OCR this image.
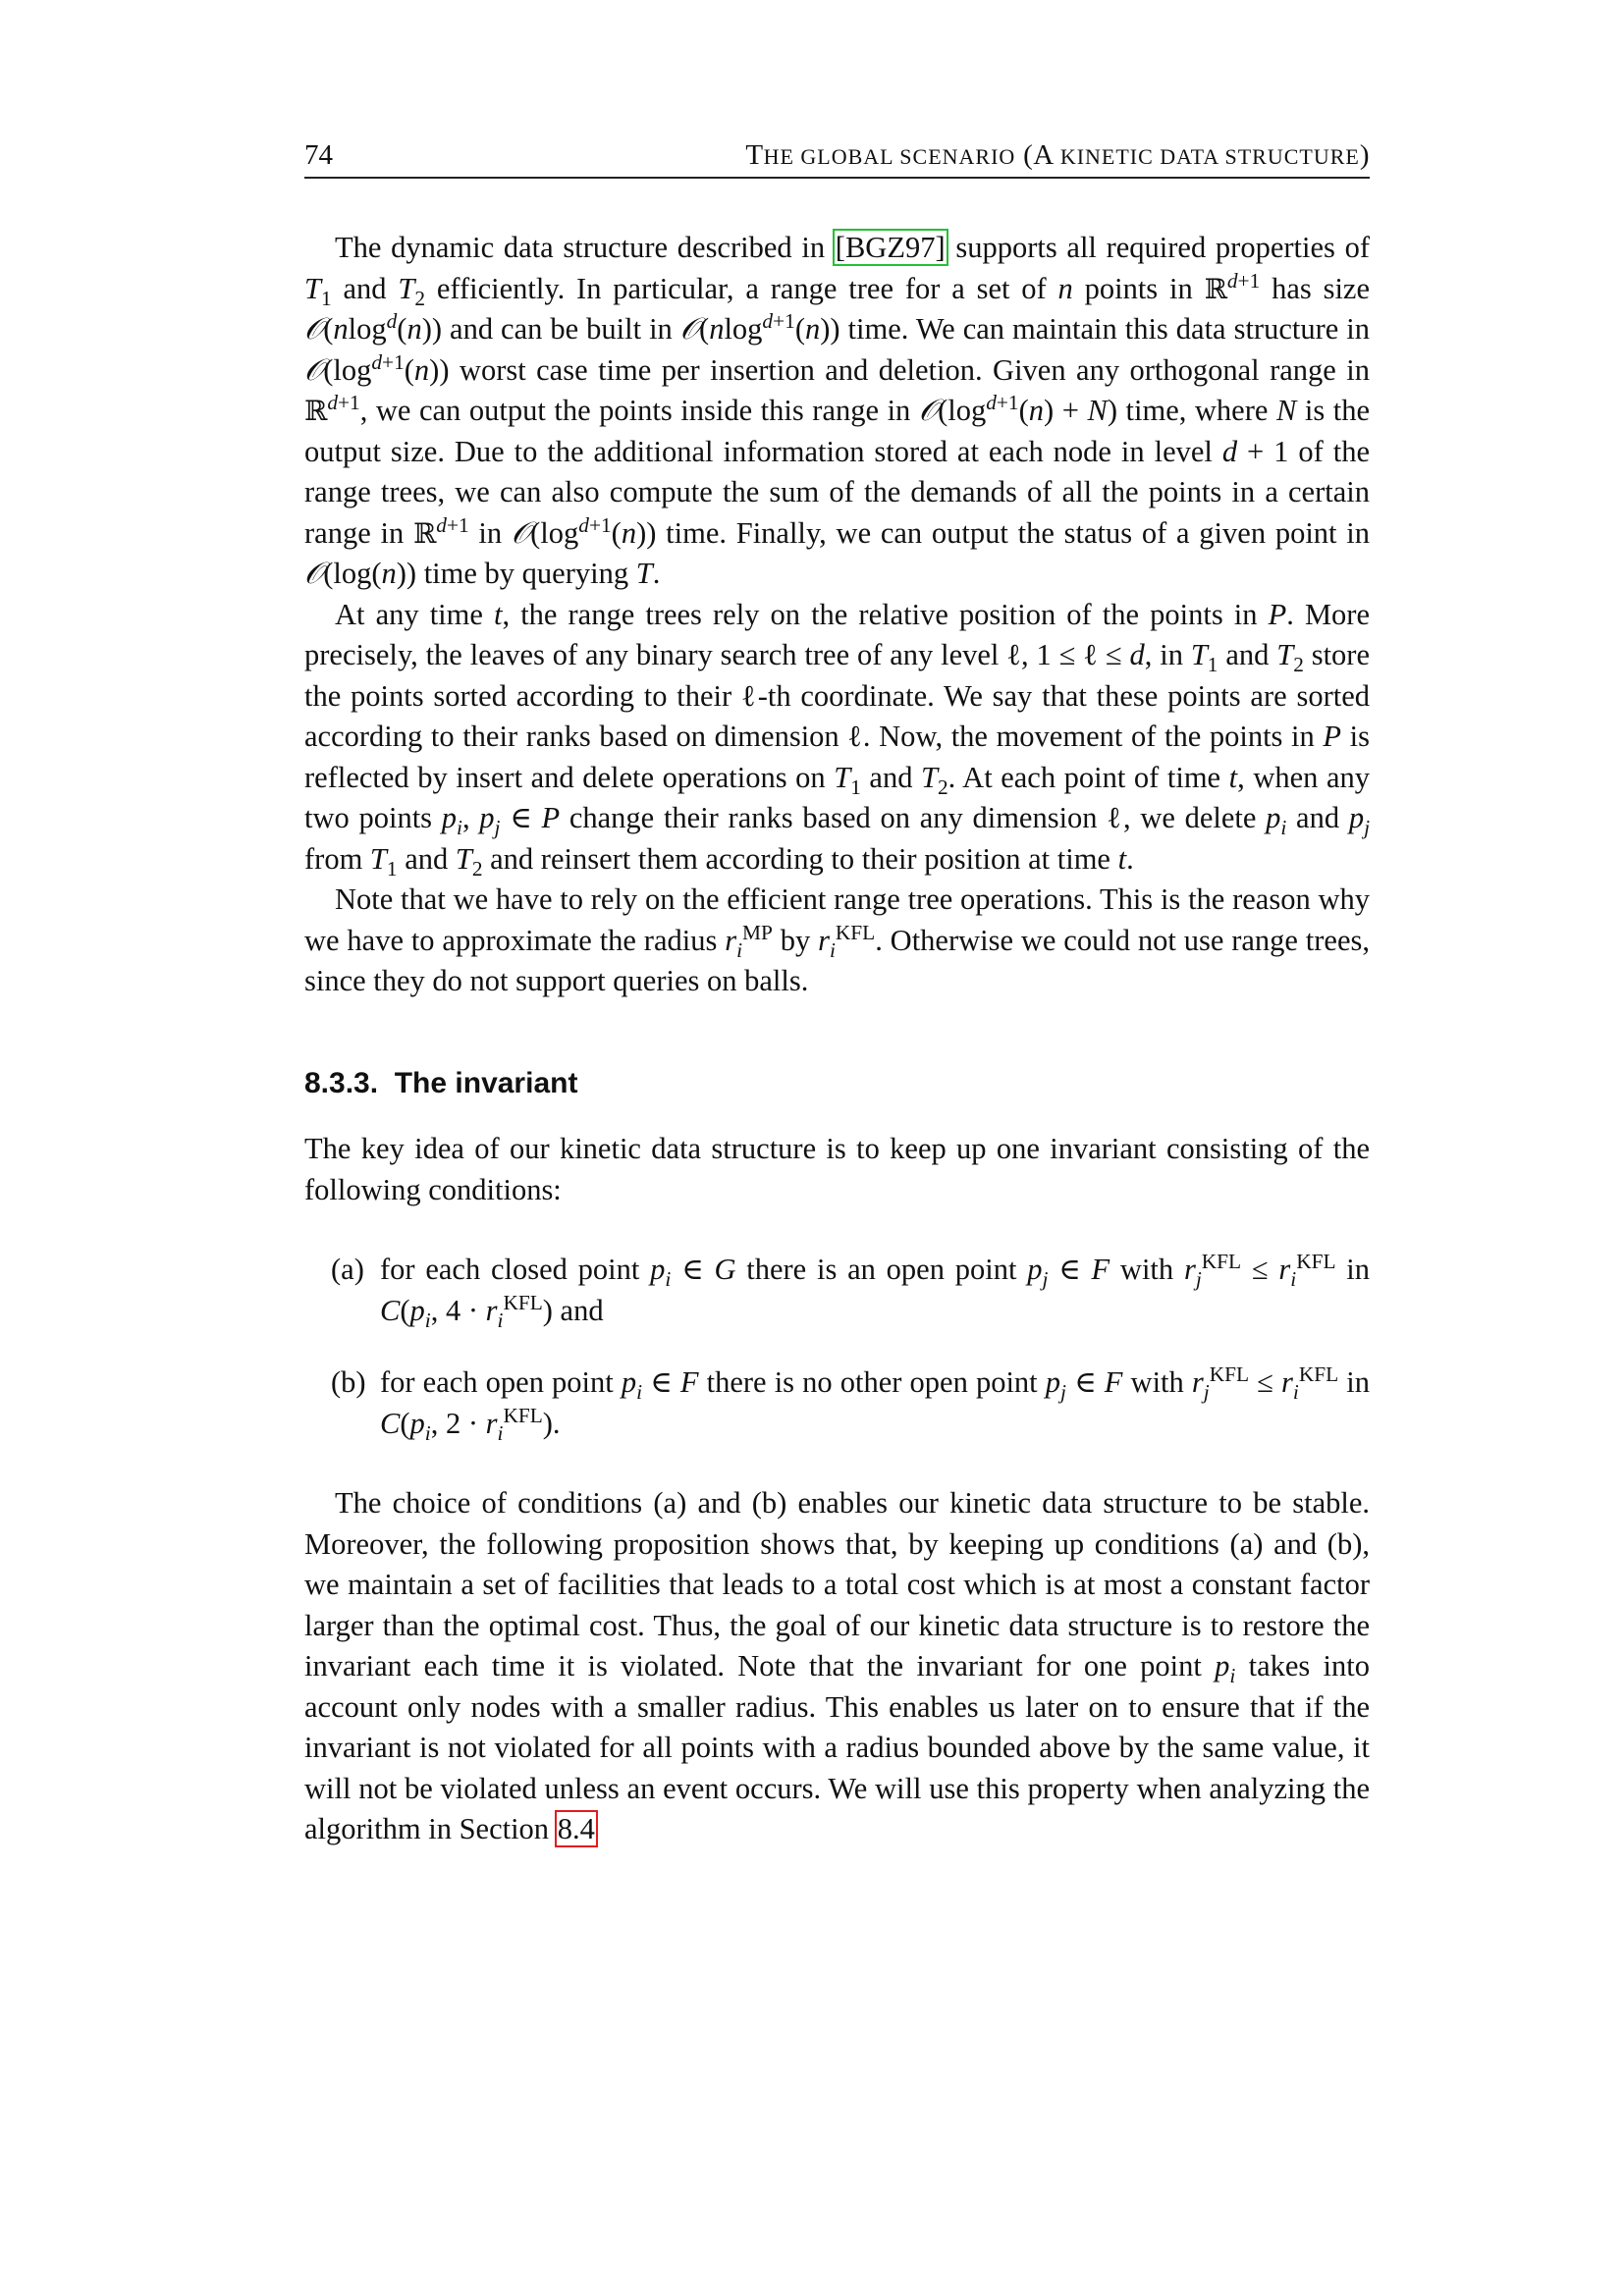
74	THE GLOBAL SCENARIO (A KINETIC DATA STRUCTURE)

The dynamic data structure described in [BGZ97] supports all required properties of $T_1$ and $T_2$ efficiently. In particular, a range tree for a set of n points in ℝ$^{d+1}$ has size 𝒪(nlog$^d$(n)) and can be built in 𝒪(nlog$^{d+1}$(n)) time. We can maintain this data structure in $𝒪(\log^{d+1}(n))$ worst case time per insertion and deletion. Given any orthogonal range in ℝ$^{d+1}$, we can output the points inside this range in $𝒪(\log^{d+1}(n) + N)$ time, where N is the output size. Due to the additional information stored at each node in level d + 1 of the range trees, we can also compute the sum of the demands of all the points in a certain range in ℝ$^{d+1}$ in $𝒪(\log^{d+1}(n))$ time. Finally, we can output the status of a given point in 𝒪(log(n)) time by querying T.

At any time t, the range trees rely on the relative position of the points in P. More precisely, the leaves of any binary search tree of any level ℓ, 1 ≤ ℓ ≤ d, in $T_1$ and $T_2$ store the points sorted according to their ℓ-th coordinate. We say that these points are sorted according to their ranks based on dimension ℓ. Now, the movement of the points in P is reflected by insert and delete operations on $T_1$ and $T_2$. At each point of time t, when any two points $p_i$, $p_j$ ∈ P change their ranks based on any dimension ℓ, we delete $p_i$ and $p_j$ from $T_1$ and $T_2$ and reinsert them according to their position at time t.

Note that we have to rely on the efficient range tree operations. This is the reason why we have to approximate the radius $r_i^{MP}$ by $r_i^{KFL}$. Otherwise we could not use range trees, since they do not support queries on balls.

8.3.3. The invariant

The key idea of our kinetic data structure is to keep up one invariant consisting of the following conditions:

(a) for each closed point $p_i$ ∈ G there is an open point $p_j$ ∈ F with $r_j^{KFL} \le r_i^{KFL}$ in $C(p_i$, $4 \cdot r_i^{KFL}$) and
(b) for each open point $p_i$ ∈ F there is no other open point $p_j$ ∈ F with $r_j^{KFL} \le r_i^{KFL}$ in $C(p_i$, $2 \cdot r_i^{KFL}$).

The choice of conditions (a) and (b) enables our kinetic data structure to be stable. Moreover, the following proposition shows that, by keeping up conditions (a) and (b), we maintain a set of facilities that leads to a total cost which is at most a constant factor larger than the optimal cost. Thus, the goal of our kinetic data structure is to restore the invariant each time it is violated. Note that the invariant for one point $p_i$ takes into account only nodes with a smaller radius. This enables us later on to ensure that if the invariant is not violated for all points with a radius bounded above by the same value, it will not be violated unless an event occurs. We will use this property when analyzing the algorithm in Section 8.4
